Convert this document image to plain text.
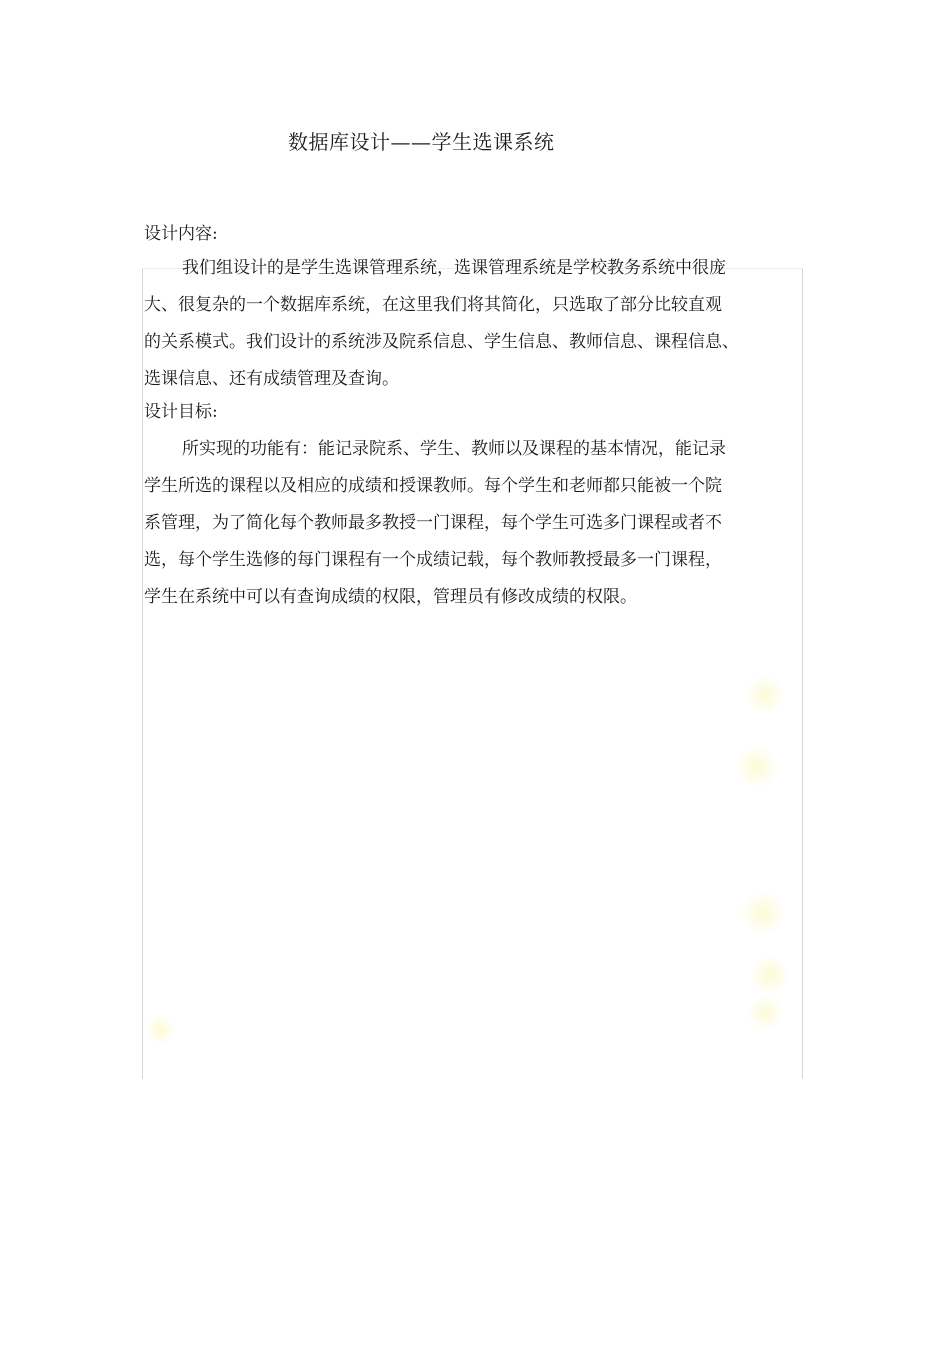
数据库设计——学生选课系统
设计内容:
我们组设计的是学生选课管理系统，选课管理系统是学校教务系统中很庞
大、很复杂的一个数据库系统，在这里我们将其简化，只选取了部分比较直观
的关系模式。我们设计的系统涉及院系信息、学生信息、教师信息、课程信息、
选课信息、还有成绩管理及查询。
设计目标:
所实现的功能有：能记录院系、学生、教师以及课程的基本情况，能记录
学生所选的课程以及相应的成绩和授课教师。每个学生和老师都只能被一个院
系管理，为了简化每个教师最多教授一门课程，每个学生可选多门课程或者不
选，每个学生选修的每门课程有一个成绩记载，每个教师教授最多一门课程，
学生在系统中可以有查询成绩的权限，管理员有修改成绩的权限。
